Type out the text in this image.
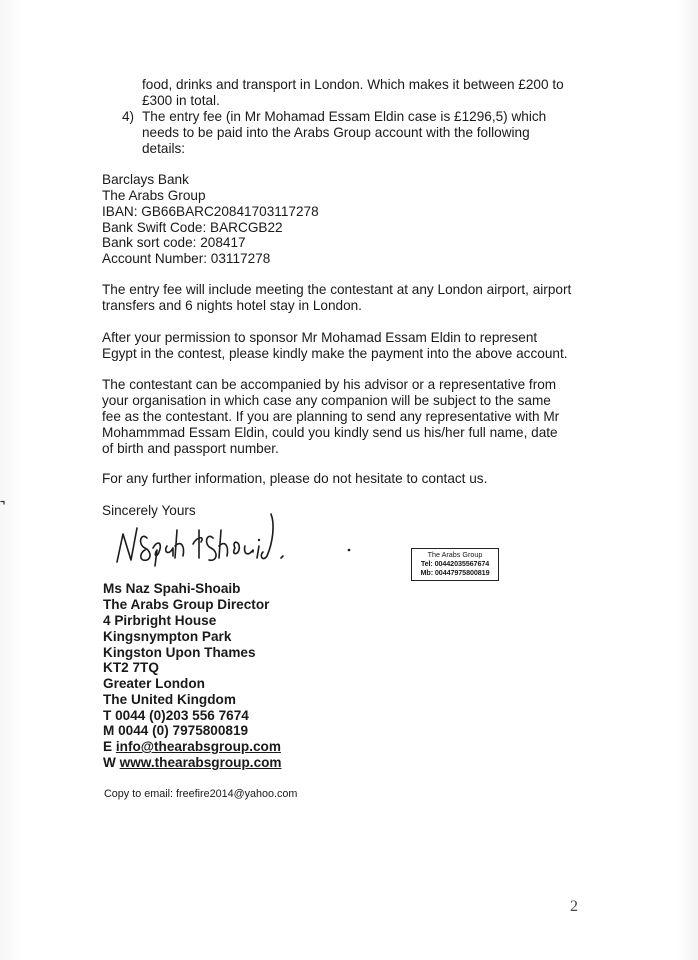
food, drinks and transport in London. Which makes it between £200 to
£300 in total.
4) The entry fee (in Mr Mohamad Essam Eldin case is £1296,5) which
needs to be paid into the Arabs Group account with the following
details:
Barclays Bank
The Arabs Group
IBAN: GB66BARC20841703117278
Bank Swift Code: BARCGB22
Bank sort code: 208417
Account Number: 03117278
The entry fee will include meeting the contestant at any London airport, airport
transfers and 6 nights hotel stay in London.
After your permission to sponsor Mr Mohamad Essam Eldin to represent
Egypt in the contest, please kindly make the payment into the above account.
The contestant can be accompanied by his advisor or a representative from
your organisation in which case any companion will be subject to the same
fee as the contestant. If you are planning to send any representative with Mr
Mohammmad Essam Eldin, could you kindly send us his/her full name, date
of birth and passport number.
For any further information, please do not hesitate to contact us.
Sincerely Yours
The Arabs Group
Tel: 00442035567674
Mb: 00447975800819
Ms Naz Spahi-Shoaib
The Arabs Group Director
4 Pirbright House
Kingsnympton Park
Kingston Upon Thames
KT2 7TQ
Greater London
The United Kingdom
T 0044 (0)203 556 7674
M 0044 (0) 7975800819
E info@thearabsgroup.com
W www.thearabsgroup.com
Copy to email: freefire2014@yahoo.com
2
